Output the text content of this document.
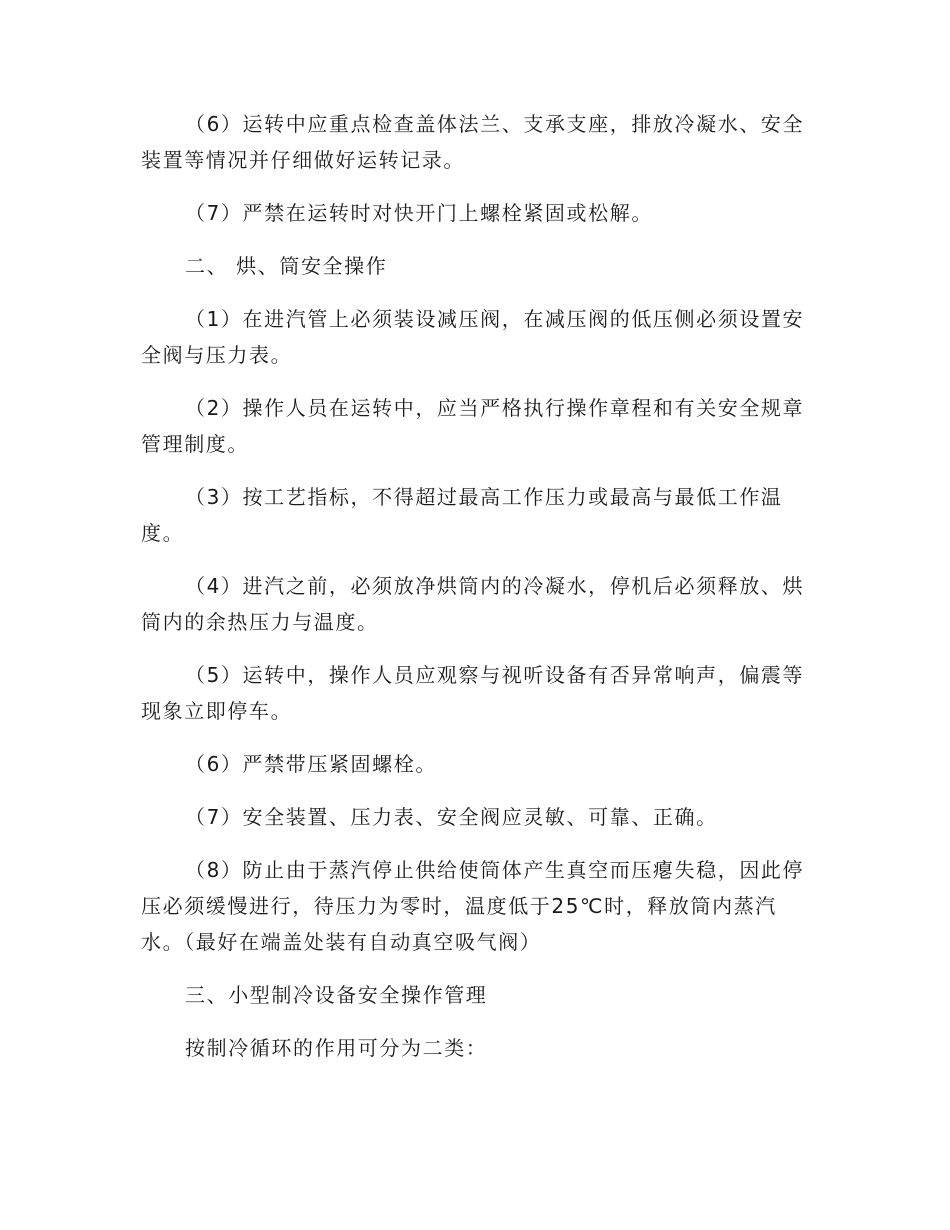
（6）运转中应重点检查盖体法兰、支承支座，排放冷凝水、安全
装置等情况并仔细做好运转记录。

（7）严禁在运转时对快开门上螺栓紧固或松解。

二、 烘、筒安全操作

（1）在进汽管上必须装设减压阀，在减压阀的低压侧必须设置安
全阀与压力表。

（2）操作人员在运转中，应当严格执行操作章程和有关安全规章
管理制度。

（3）按工艺指标，不得超过最高工作压力或最高与最低工作温
度。

（4）进汽之前，必须放净烘筒内的冷凝水，停机后必须释放、烘
筒内的余热压力与温度。

（5）运转中，操作人员应观察与视听设备有否异常响声，偏震等
现象立即停车。

（6）严禁带压紧固螺栓。

（7）安全装置、压力表、安全阀应灵敏、可靠、正确。

（8）防止由于蒸汽停止供给使筒体产生真空而压瘪失稳，因此停
压必须缓慢进行，待压力为零时，温度低于25℃时，释放筒内蒸汽
水。（最好在端盖处装有自动真空吸气阀）

三、小型制冷设备安全操作管理

按制冷循环的作用可分为二类：
